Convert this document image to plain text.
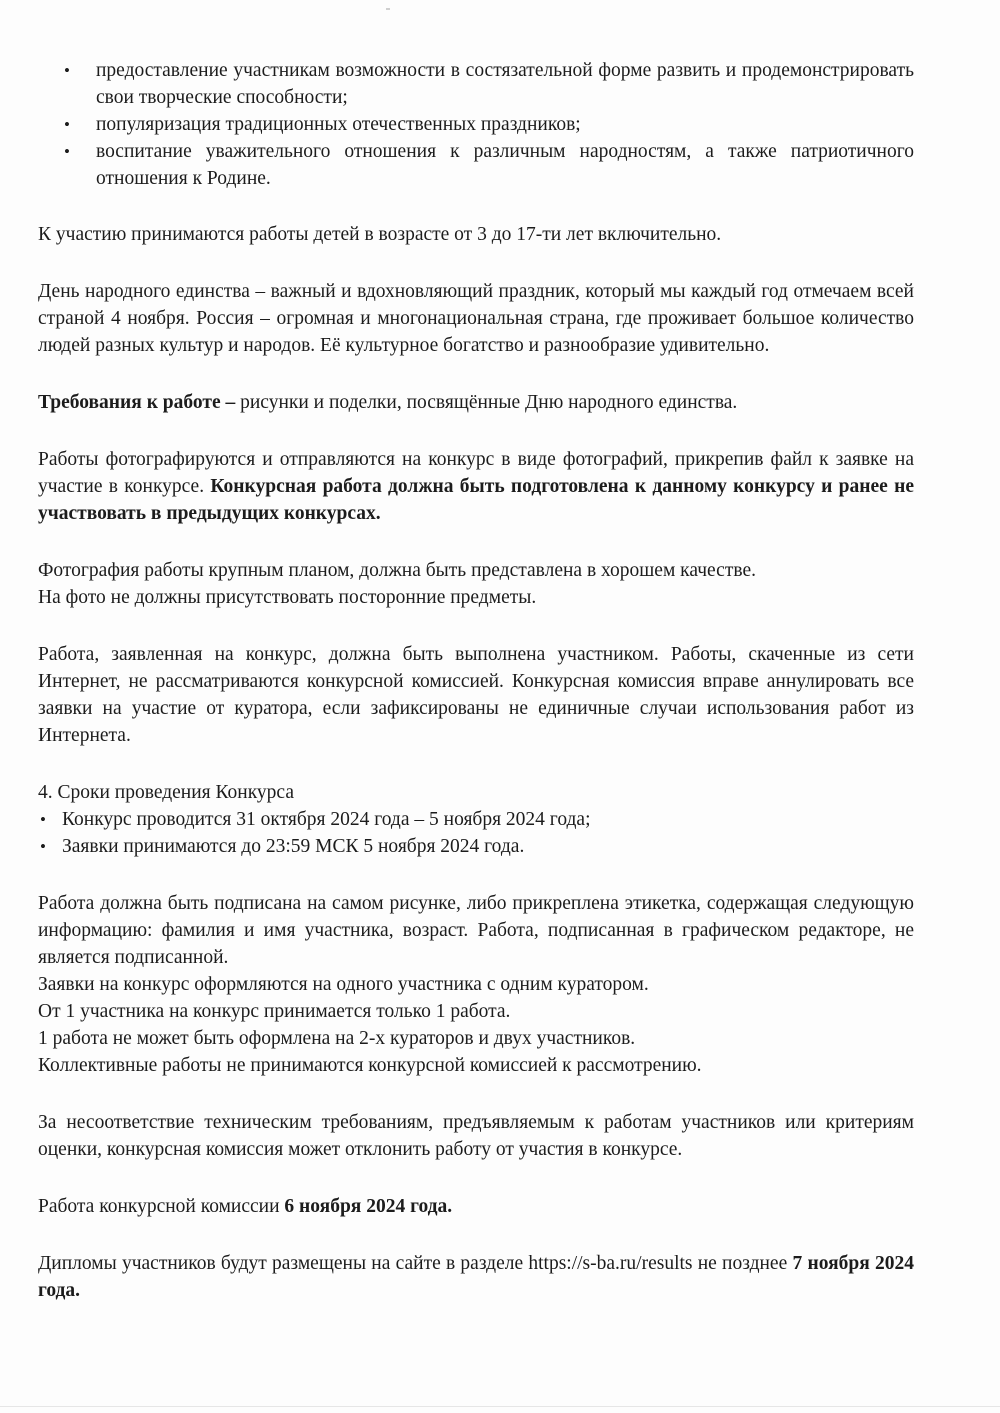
• предоставление участникам возможности в состязательной форме развить и продемонстрировать свои творческие способности;
• популяризация традиционных отечественных праздников;
• воспитание уважительного отношения к различным народностям, а также патриотичного отношения к Родине.

К участию принимаются работы детей в возрасте от 3 до 17-ти лет включительно.

День народного единства – важный и вдохновляющий праздник, который мы каждый год отмечаем всей страной 4 ноября. Россия – огромная и многонациональная страна, где проживает большое количество людей разных культур и народов. Её культурное богатство и разнообразие удивительно.

Требования к работе – рисунки и поделки, посвящённые Дню народного единства.

Работы фотографируются и отправляются на конкурс в виде фотографий, прикрепив файл к заявке на участие в конкурсе. Конкурсная работа должна быть подготовлена к данному конкурсу и ранее не участвовать в предыдущих конкурсах.

Фотография работы крупным планом, должна быть представлена в хорошем качестве.
На фото не должны присутствовать посторонние предметы.

Работа, заявленная на конкурс, должна быть выполнена участником. Работы, скаченные из сети Интернет, не рассматриваются конкурсной комиссией. Конкурсная комиссия вправе аннулировать все заявки на участие от куратора, если зафиксированы не единичные случаи использования работ из Интернета.

4. Сроки проведения Конкурса

• Конкурс проводится 31 октября 2024 года – 5 ноября 2024 года;
• Заявки принимаются до 23:59 МСК 5 ноября 2024 года.

Работа должна быть подписана на самом рисунке, либо прикреплена этикетка, содержащая следующую информацию: фамилия и имя участника, возраст. Работа, подписанная в графическом редакторе, не является подписанной.

Заявки на конкурс оформляются на одного участника с одним куратором.
От 1 участника на конкурс принимается только 1 работа.
1 работа не может быть оформлена на 2-х кураторов и двух участников.
Коллективные работы не принимаются конкурсной комиссией к рассмотрению.

За несоответствие техническим требованиям, предъявляемым к работам участников или критериям оценки, конкурсная комиссия может отклонить работу от участия в конкурсе.

Работа конкурсной комиссии 6 ноября 2024 года.

Дипломы участников будут размещены на сайте в разделе https://s-ba.ru/results не позднее 7 ноября 2024 года.
